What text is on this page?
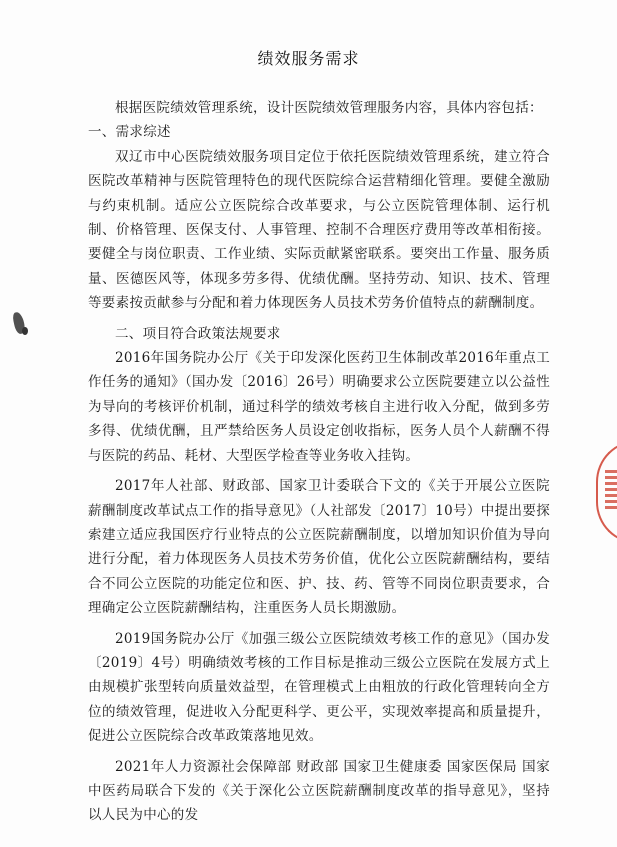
绩效服务需求

根据医院绩效管理系统，设计医院绩效管理服务内容，具体内容包括：

一、需求综述

双辽市中心医院绩效服务项目定位于依托医院绩效管理系统，建立符合医院改革精神与医院管理特色的现代医院综合运营精细化管理。要健全激励与约束机制。适应公立医院综合改革要求，与公立医院管理体制、运行机制、价格管理、医保支付、人事管理、控制不合理医疗费用等改革相衔接。要健全与岗位职责、工作业绩、实际贡献紧密联系。要突出工作量、服务质量、医德医风等，体现多劳多得、优绩优酬。坚持劳动、知识、技术、管理等要素按贡献参与分配和着力体现医务人员技术劳务价值特点的薪酬制度。

二、项目符合政策法规要求

2016年国务院办公厅《关于印发深化医药卫生体制改革2016年重点工作任务的通知》（国办发〔2016〕26号）明确要求公立医院要建立以公益性为导向的考核评价机制，通过科学的绩效考核自主进行收入分配，做到多劳多得、优绩优酬，且严禁给医务人员设定创收指标，医务人员个人薪酬不得与医院的药品、耗材、大型医学检查等业务收入挂钩。

2017年人社部、财政部、国家卫计委联合下文的《关于开展公立医院薪酬制度改革试点工作的指导意见》（人社部发〔2017〕10号）中提出要探索建立适应我国医疗行业特点的公立医院薪酬制度，以增加知识价值为导向进行分配，着力体现医务人员技术劳务价值，优化公立医院薪酬结构，要结合不同公立医院的功能定位和医、护、技、药、管等不同岗位职责要求，合理确定公立医院薪酬结构，注重医务人员长期激励。

2019国务院办公厅《加强三级公立医院绩效考核工作的意见》（国办发〔2019〕4号）明确绩效考核的工作目标是推动三级公立医院在发展方式上由规模扩张型转向质量效益型，在管理模式上由粗放的行政化管理转向全方位的绩效管理，促进收入分配更科学、更公平，实现效率提高和质量提升，促进公立医院综合改革政策落地见效。

2021年人力资源社会保障部 财政部 国家卫生健康委 国家医保局 国家中医药局联合下发的《关于深化公立医院薪酬制度改革的指导意见》，坚持以人民为中心的发
